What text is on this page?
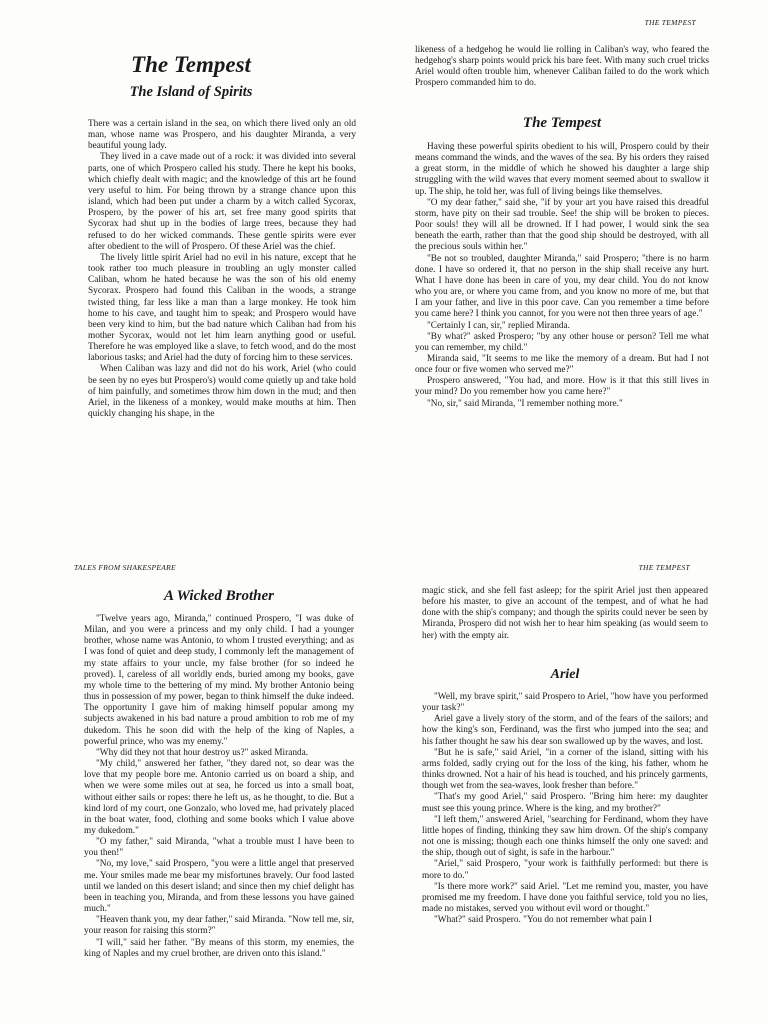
The Tempest
The Island of Spirits

There was a certain island in the sea, on which there lived only an old man, whose name was Prospero, and his daughter Miranda, a very beautiful young lady.

They lived in a cave made out of a rock: it was divided into several parts, one of which Prospero called his study. There he kept his books, which chiefly dealt with magic; and the knowledge of this art he found very useful to him. For being thrown by a strange chance upon this island, which had been put under a charm by a witch called Sycorax, Prospero, by the power of his art, set free many good spirits that Sycorax had shut up in the bodies of large trees, because they had refused to do her wicked commands. These gentle spirits were ever after obedient to the will of Prospero. Of these Ariel was the chief.

The lively little spirit Ariel had no evil in his nature, except that he took rather too much pleasure in troubling an ugly monster called Caliban, whom he hated because he was the son of his old enemy Sycorax. Prospero had found this Caliban in the woods, a strange twisted thing, far less like a man than a large monkey. He took him home to his cave, and taught him to speak; and Prospero would have been very kind to him, but the bad nature which Caliban had from his mother Sycorax, would not let him learn anything good or useful. Therefore he was employed like a slave, to fetch wood, and do the most laborious tasks; and Ariel had the duty of forcing him to these services.

When Caliban was lazy and did not do his work, Ariel (who could be seen by no eyes but Prospero's) would come quietly up and take hold of him painfully, and sometimes throw him down in the mud; and then Ariel, in the likeness of a monkey, would make mouths at him. Then quickly changing his shape, in the

THE TEMPEST

likeness of a hedgehog he would lie rolling in Caliban's way, who feared the hedgehog's sharp points would prick his bare feet. With many such cruel tricks Ariel would often trouble him, whenever Caliban failed to do the work which Prospero commanded him to do.

The Tempest

Having these powerful spirits obedient to his will, Prospero could by their means command the winds, and the waves of the sea. By his orders they raised a great storm, in the middle of which he showed his daughter a large ship struggling with the wild waves that every moment seemed about to swallow it up. The ship, he told her, was full of living beings like themselves.

"O my dear father," said she, "if by your art you have raised this dreadful storm, have pity on their sad trouble. See! the ship will be broken to pieces. Poor souls! they will all be drowned. If I had power, I would sink the sea beneath the earth, rather than that the good ship should be destroyed, with all the precious souls within her."

"Be not so troubled, daughter Miranda," said Prospero; "there is no harm done. I have so ordered it, that no person in the ship shall receive any hurt. What I have done has been in care of you, my dear child. You do not know who you are, or where you came from, and you know no more of me, but that I am your father, and live in this poor cave. Can you remember a time before you came here? I think you cannot, for you were not then three years of age."

"Certainly I can, sir," replied Miranda.

"By what?" asked Prospero; "by any other house or person? Tell me what you can remember, my child."

Miranda said, "It seems to me like the memory of a dream. But had I not once four or five women who served me?"

Prospero answered, "You had, and more. How is it that this still lives in your mind? Do you remember how you came here?"

"No, sir," said Miranda, "I remember nothing more."

TALES FROM SHAKESPEARE
A Wicked Brother

"Twelve years ago, Miranda," continued Prospero, "I was duke of Milan, and you were a princess and my only child. I had a younger brother, whose name was Antonio, to whom I trusted everything; and as I was fond of quiet and deep study, I commonly left the management of my state affairs to your uncle, my false brother (for so indeed he proved). I, careless of all worldly ends, buried among my books, gave my whole time to the bettering of my mind. My brother Antonio being thus in possession of my power, began to think himself the duke indeed. The opportunity I gave him of making himself popular among my subjects awakened in his bad nature a proud ambition to rob me of my dukedom. This he soon did with the help of the king of Naples, a powerful prince, who was my enemy."

"Why did they not that hour destroy us?" asked Miranda.

"My child," answered her father, "they dared not, so dear was the love that my people bore me. Antonio carried us on board a ship, and when we were some miles out at sea, he forced us into a small boat, without either sails or ropes: there he left us, as he thought, to die. But a kind lord of my court, one Gonzalo, who loved me, had privately placed in the boat water, food, clothing and some books which I value above my dukedom."

"O my father," said Miranda, "what a trouble must I have been to you then!"

"No, my love," said Prospero, "you were a little angel that preserved me. Your smiles made me bear my misfortunes bravely. Our food lasted until we landed on this desert island; and since then my chief delight has been in teaching you, Miranda, and from these lessons you have gained much."

"Heaven thank you, my dear father," said Miranda. "Now tell me, sir, your reason for raising this storm?"

"I will," said her father. "By means of this storm, my enemies, the king of Naples and my cruel brother, are driven onto this island."

THE TEMPEST

magic stick, and she fell fast asleep; for the spirit Ariel just then appeared before his master, to give an account of the tempest, and of what he had done with the ship's company; and though the spirits could never be seen by Miranda, Prospero did not wish her to hear him speaking (as would seem to her) with the empty air.

Ariel

"Well, my brave spirit," said Prospero to Ariel, "how have you performed your task?"

Ariel gave a lively story of the storm, and of the fears of the sailors; and how the king's son, Ferdinand, was the first who jumped into the sea; and his father thought he saw his dear son swallowed up by the waves, and lost.

"But he is safe," said Ariel, "in a corner of the island, sitting with his arms folded, sadly crying out for the loss of the king, his father, whom he thinks drowned. Not a hair of his head is touched, and his princely garments, though wet from the sea-waves, look fresher than before."

"That's my good Ariel," said Prospero. "Bring him here: my daughter must see this young prince. Where is the king, and my brother?"

"I left them," answered Ariel, "searching for Ferdinand, whom they have little hopes of finding, thinking they saw him drown. Of the ship's company not one is missing; though each one thinks himself the only one saved: and the ship, though out of sight, is safe in the harbour."

"Ariel," said Prospero, "your work is faithfully performed: but there is more to do."

"Is there more work?" said Ariel. "Let me remind you, master, you have promised me my freedom. I have done you faithful service, told you no lies, made no mistakes, served you without evil word or thought."

"What?" said Prospero. "You do not remember what pain I
